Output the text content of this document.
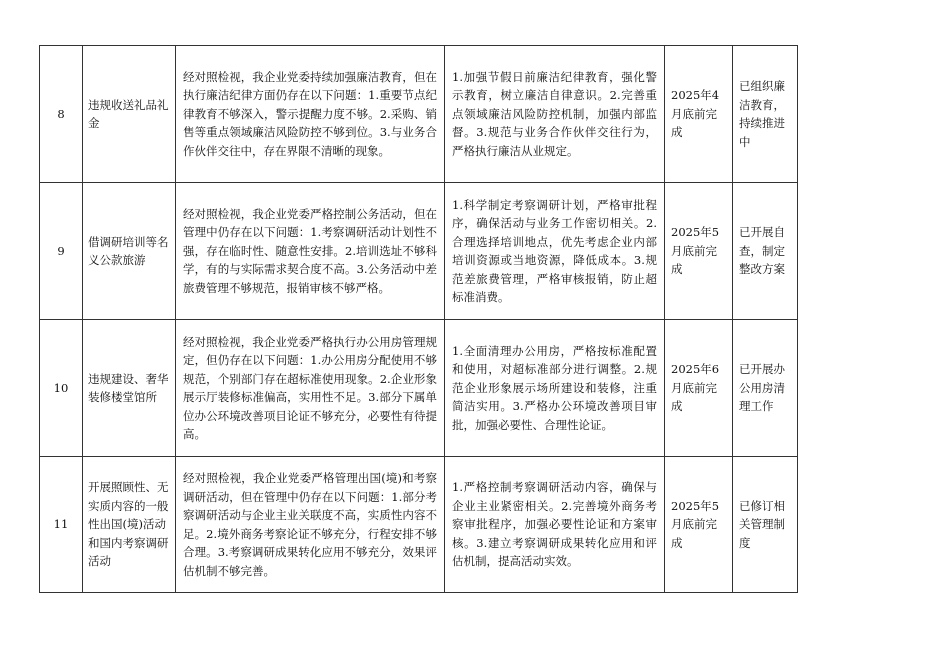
8	违规收送礼品礼金	经对照检视，我企业党委持续加强廉洁教育，但在执行廉洁纪律方面仍存在以下问题：1.重要节点纪律教育不够深入，警示提醒力度不够。2.采购、销售等重点领域廉洁风险防控不够到位。3.与业务合作伙伴交往中，存在界限不清晰的现象。	1.加强节假日前廉洁纪律教育，强化警示教育，树立廉洁自律意识。2.完善重点领域廉洁风险防控机制，加强内部监督。3.规范与业务合作伙伴交往行为，严格执行廉洁从业规定。	2025年4月底前完成	已组织廉洁教育，持续推进中
9	借调研培训等名义公款旅游	经对照检视，我企业党委严格控制公务活动，但在管理中仍存在以下问题：1.考察调研活动计划性不强，存在临时性、随意性安排。2.培训选址不够科学，有的与实际需求契合度不高。3.公务活动中差旅费管理不够规范，报销审核不够严格。	1.科学制定考察调研计划，严格审批程序，确保活动与业务工作密切相关。2.合理选择培训地点，优先考虑企业内部培训资源或当地资源，降低成本。3.规范差旅费管理，严格审核报销，防止超标准消费。	2025年5月底前完成	已开展自查，制定整改方案
10	违规建设、奢华装修楼堂馆所	经对照检视，我企业党委严格执行办公用房管理规定，但仍存在以下问题：1.办公用房分配使用不够规范，个别部门存在超标准使用现象。2.企业形象展示厅装修标准偏高，实用性不足。3.部分下属单位办公环境改善项目论证不够充分，必要性有待提高。	1.全面清理办公用房，严格按标准配置和使用，对超标准部分进行调整。2.规范企业形象展示场所建设和装修，注重简洁实用。3.严格办公环境改善项目审批，加强必要性、合理性论证。	2025年6月底前完成	已开展办公用房清理工作
11	开展照顾性、无实质内容的一般性出国(境)活动和国内考察调研活动	经对照检视，我企业党委严格管理出国(境)和考察调研活动，但在管理中仍存在以下问题：1.部分考察调研活动与企业主业关联度不高，实质性内容不足。2.境外商务考察论证不够充分，行程安排不够合理。3.考察调研成果转化应用不够充分，效果评估机制不够完善。	1.严格控制考察调研活动内容，确保与企业主业紧密相关。2.完善境外商务考察审批程序，加强必要性论证和方案审核。3.建立考察调研成果转化应用和评估机制，提高活动实效。	2025年5月底前完成	已修订相关管理制度
